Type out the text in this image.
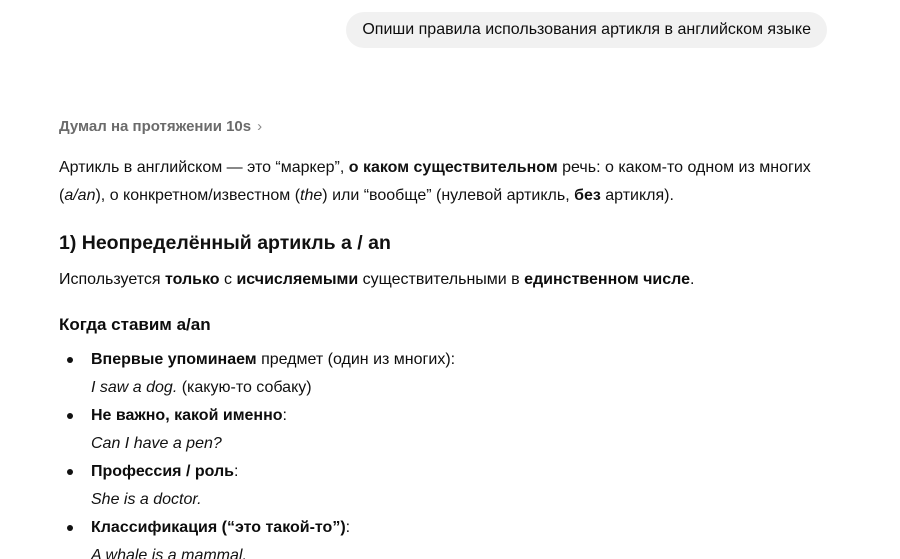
Опиши правила использования артикля в английском языке
Думал на протяжении 10s ›

Артикль в английском — это “маркер”, о каком существительном речь: о каком-то одном из многих (a/an), о конкретном/известном (the) или “вообще” (нулевой артикль, без артикля).

1) Неопределённый артикль a / an

Используется только с исчисляемыми существительными в единственном числе.

Когда ставим a/an
Впервые упоминаем предмет (один из многих):
I saw a dog. (какую-то собаку)
Не важно, какой именно:
Can I have a pen?
Профессия / роль:
She is a doctor.
Классификация (“это такой-то”):
A whale is a mammal.
